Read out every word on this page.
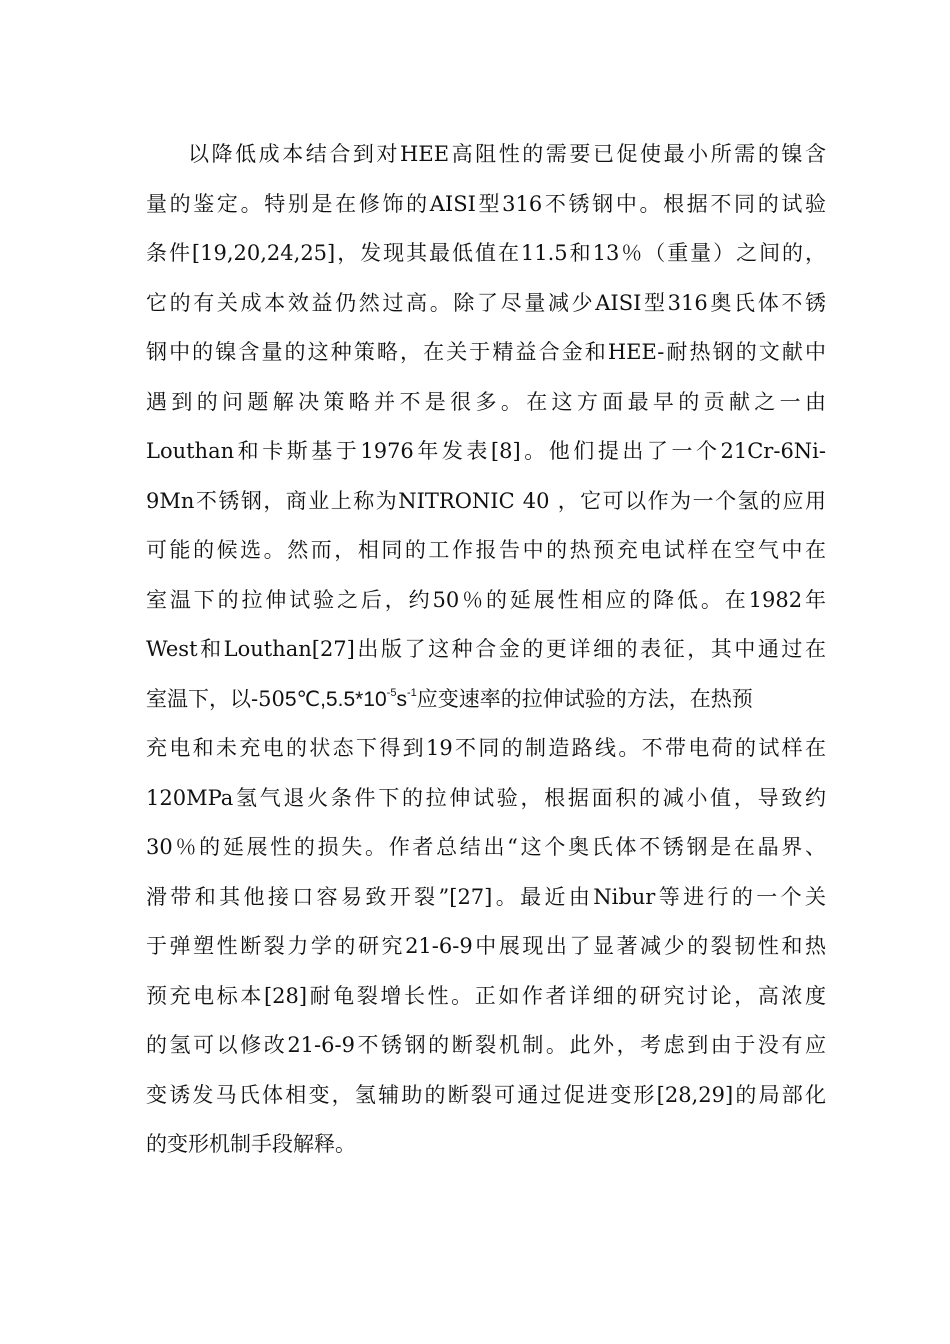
以降低成本结合到对HEE高阻性的需要已促使最小所需的镍含
量的鉴定。特别是在修饰的AISI型316不锈钢中。根据不同的试验
条件[19,20,24,25]，发现其最低值在11.5和13％（重量）之间的，
它的有关成本效益仍然过高。除了尽量减少AISI型316奥氏体不锈
钢中的镍含量的这种策略，在关于精益合金和HEE-耐热钢的文献中
遇到的问题解决策略并不是很多。在这方面最早的贡献之一由
Louthan和卡斯基于1976年发表[8]。他们提出了一个21Cr-6Ni-
9Mn不锈钢，商业上称为NITRONIC 40 ，它可以作为一个氢的应用
可能的候选。然而，相同的工作报告中的热预充电试样在空气中在
室温下的拉伸试验之后，约50％的延展性相应的降低。在1982年
West和Louthan[27]出版了这种合金的更详细的表征，其中通过在
室温下，以$-505℃,5.5*10^{-5}s^{-1}$应变速率的拉伸试验的方法，在热预
充电和未充电的状态下得到19不同的制造路线。不带电荷的试样在
120MPa氢气退火条件下的拉伸试验，根据面积的减小值，导致约
30％的延展性的损失。作者总结出“这个奥氏体不锈钢是在晶界、
滑带和其他接口容易致开裂”[27]。最近由Nibur等进行的一个关
于弹塑性断裂力学的研究21-6-9中展现出了显著减少的裂韧性和热
预充电标本[28]耐龟裂增长性。正如作者详细的研究讨论，高浓度
的氢可以修改21-6-9不锈钢的断裂机制。此外，考虑到由于没有应
变诱发马氏体相变，氢辅助的断裂可通过促进变形[28,29]的局部化
的变形机制手段解释。
